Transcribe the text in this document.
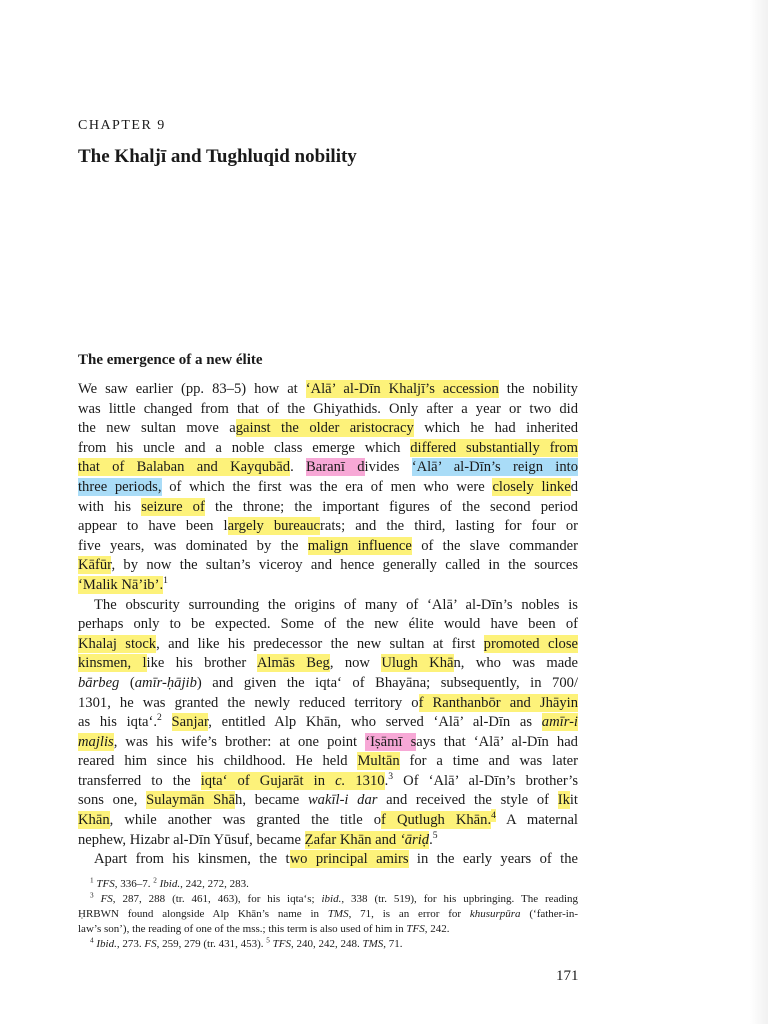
CHAPTER 9
The Khaljī and Tughluqid nobility
The emergence of a new élite
We saw earlier (pp. 83–5) how at ‘Alā’ al-Dīn Khaljī’s accession the nobility
was little changed from that of the Ghiyathids. Only after a year or two did
the new sultan move against the older aristocracy which he had inherited
from his uncle and a noble class emerge which differed substantially from
that of Balaban and Kayqubād. Baranī divides ‘Alā’ al-Dīn’s reign into
three periods, of which the first was the era of men who were closely linked
with his seizure of the throne; the important figures of the second period
appear to have been largely bureaucrats; and the third, lasting for four or
five years, was dominated by the malign influence of the slave commander
Kāfūr, by now the sultan’s viceroy and hence generally called in the sources
‘Malik Nā’ib’.$^1$
The obscurity surrounding the origins of many of ‘Alā’ al-Dīn’s nobles is
perhaps only to be expected. Some of the new élite would have been of
Khalaj stock, and like his predecessor the new sultan at first promoted close
kinsmen, like his brother Almās Beg, now Ulugh Khān, who was made
bārbeg (amīr-ḥājib) and given the iqta‘ of Bhayāna; subsequently, in 700/
1301, he was granted the newly reduced territory of Ranthanbōr and Jhāyin
as his iqta‘.$^2$ Sanjar, entitled Alp Khān, who served ‘Alā’ al-Dīn as amīr-i
majlis, was his wife’s brother: at one point ‘Iṣāmī says that ‘Alā’ al-Dīn had
reared him since his childhood. He held Multān for a time and was later
transferred to the iqta‘ of Gujarāt in c. 1310.$^3$ Of ‘Alā’ al-Dīn’s brother’s
sons one, Sulaymān Shāh, became wakīl-i dar and received the style of Ikit
Khān, while another was granted the title of Qutlugh Khān.$^4$ A maternal
nephew, Hizabr al-Dīn Yūsuf, became Ẓafar Khān and ‘āriḍ.$^5$
Apart from his kinsmen, the two principal amirs in the early years of the
$^1$ TFS, 336–7. $^2$ Ibid., 242, 272, 283.
$^3$ FS, 287, 288 (tr. 461, 463), for his iqta‘s; ibid., 338 (tr. 519), for his upbringing. The reading
ḤRBWN found alongside Alp Khān’s name in TMS, 71, is an error for khusurpūra (‘father-in-
law’s son’), the reading of one of the mss.; this term is also used of him in TFS, 242.
$^4$ Ibid., 273. FS, 259, 279 (tr. 431, 453). $^5$ TFS, 240, 242, 248. TMS, 71.
171
